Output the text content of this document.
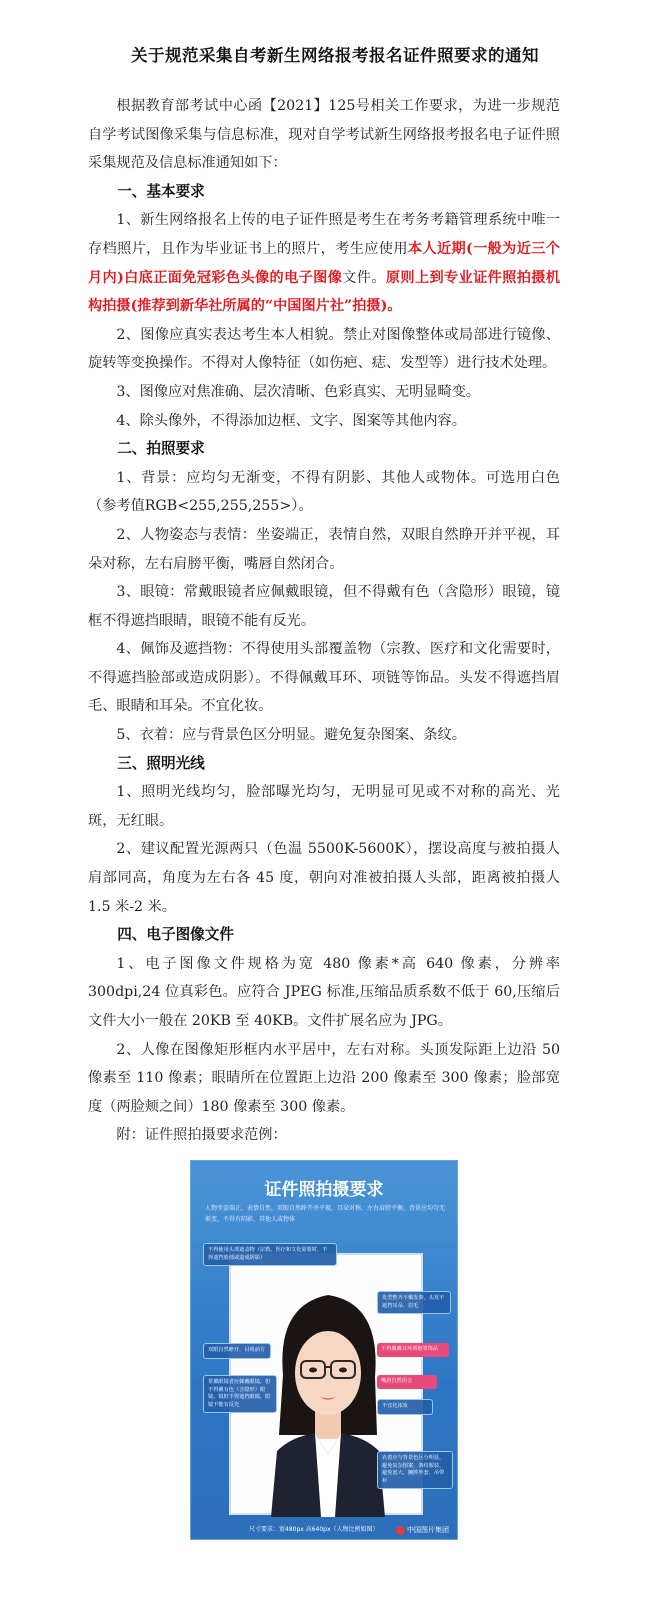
关于规范采集自考新生网络报考报名证件照要求的通知

根据教育部考试中心函【2021】125号相关工作要求，为进一步规范自学考试图像采集与信息标准，现对自学考试新生网络报考报名电子证件照采集规范及信息标准通知如下：

一、基本要求

1、新生网络报名上传的电子证件照是考生在考务考籍管理系统中唯一存档照片，且作为毕业证书上的照片，考生应使用本人近期(一般为近三个月内)白底正面免冠彩色头像的电子图像文件。原则上到专业证件照拍摄机构拍摄(推荐到新华社所属的“中国图片社”拍摄)。

2、图像应真实表达考生本人相貌。禁止对图像整体或局部进行镜像、旋转等变换操作。不得对人像特征（如伤疤、痣、发型等）进行技术处理。

3、图像应对焦准确、层次清晰、色彩真实、无明显畸变。

4、除头像外，不得添加边框、文字、图案等其他内容。

二、拍照要求

1、背景：应均匀无渐变，不得有阴影、其他人或物体。可选用白色（参考值RGB<255,255,255>）。

2、人物姿态与表情：坐姿端正，表情自然，双眼自然睁开并平视，耳朵对称，左右肩膀平衡，嘴唇自然闭合。

3、眼镜：常戴眼镜者应佩戴眼镜，但不得戴有色（含隐形）眼镜，镜框不得遮挡眼睛，眼镜不能有反光。

4、佩饰及遮挡物：不得使用头部覆盖物（宗教、医疗和文化需要时，不得遮挡脸部或造成阴影）。不得佩戴耳环、项链等饰品。头发不得遮挡眉毛、眼睛和耳朵。不宜化妆。

5、衣着：应与背景色区分明显。避免复杂图案、条纹。

三、照明光线

1、照明光线均匀，脸部曝光均匀，无明显可见或不对称的高光、光斑，无红眼。

2、建议配置光源两只（色温 5500K-5600K），摆设高度与被拍摄人肩部同高，角度为左右各 45 度，朝向对准被拍摄人头部，距离被拍摄人 1.5 米-2 米。

四、电子图像文件

1、电子图像文件规格为宽 480 像素*高 640 像素，分辨率300dpi,24 位真彩色。应符合 JPEG 标准,压缩品质系数不低于 60,压缩后文件大小一般在 20KB 至 40KB。文件扩展名应为 JPG。

2、人像在图像矩形框内水平居中，左右对称。头顶发际距上边沿 50 像素至 110 像素；眼睛所在位置距上边沿 200 像素至 300 像素；脸部宽度（两脸颊之间）180 像素至 300 像素。

附：证件照拍摄要求范例：

证件照拍摄要求
人物坐姿端正，表情自然，双眼自然睁开并平视，耳朵对称，左右肩膀平衡，背景应均匀无渐变，不得有阴影、其他人或物体
不得使用头部遮盖物（宗教、医疗和文化需要时，不得遮挡脸部或造成阴影）
发型整齐不戴发饰，头发不遮挡耳朵、眉毛
双眼自然睁开，目视前方	不得佩戴耳环项链等饰品
常戴眼镜者应佩戴眼镜，但不得戴有色（含隐形）眼镜，镜框不得遮挡眼睛，眼镜不能有反光
嘴唇自然闭合
不宜化浓妆
衣着应与背景色区分明显，避免复杂图案，条纹服装，避免宽大、臃肿外套、吊带衫
尺寸要求：宽480px 高640px（人物比例如图）	中国图片集团
